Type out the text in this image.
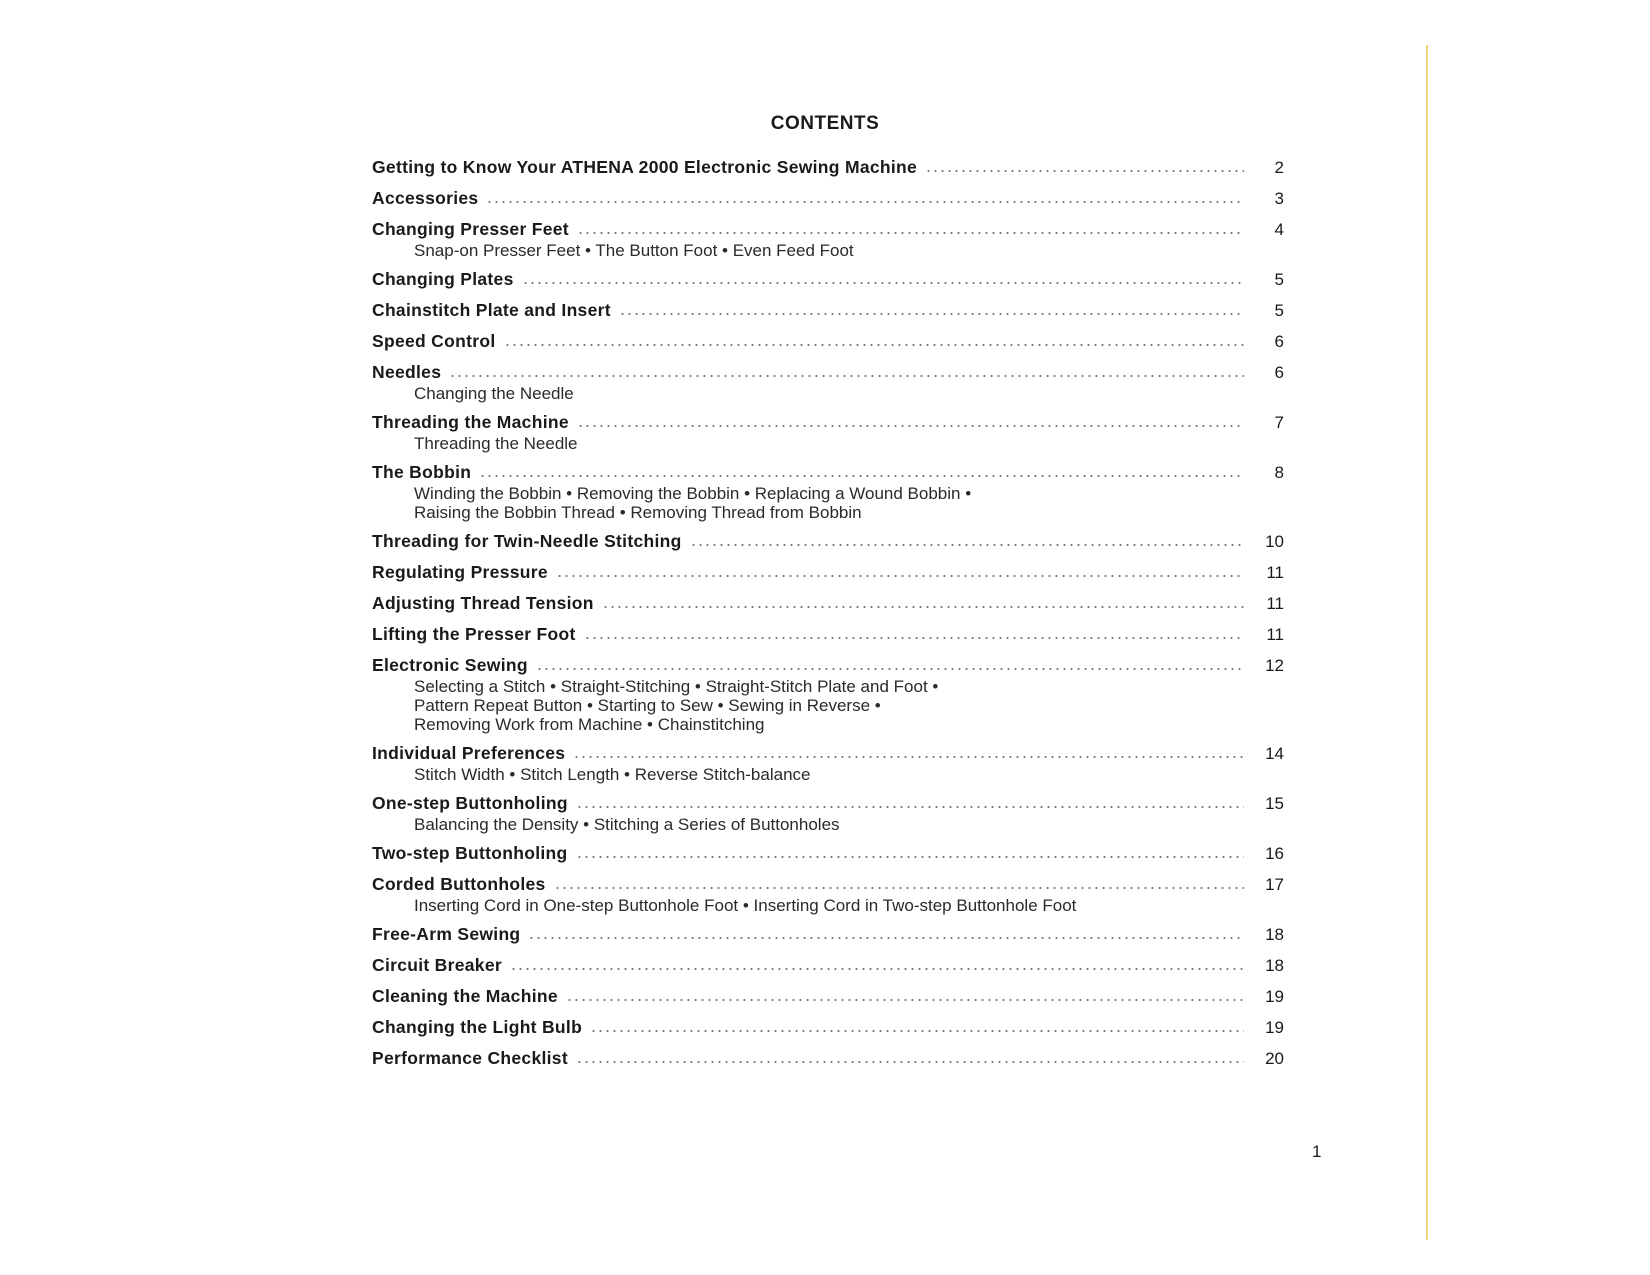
CONTENTS
Getting to Know Your ATHENA 2000 Electronic Sewing Machine	2
Accessories	3
Changing Presser Feet	4
Snap-on Presser Feet • The Button Foot • Even Feed Foot
Changing Plates	5
Chainstitch Plate and Insert	5
Speed Control	6
Needles	6
Changing the Needle
Threading the Machine	7
Threading the Needle
The Bobbin	8
Winding the Bobbin • Removing the Bobbin • Replacing a Wound Bobbin •
Raising the Bobbin Thread • Removing Thread from Bobbin
Threading for Twin-Needle Stitching	10
Regulating Pressure	11
Adjusting Thread Tension	11
Lifting the Presser Foot	11
Electronic Sewing	12
Selecting a Stitch • Straight-Stitching • Straight-Stitch Plate and Foot •
Pattern Repeat Button • Starting to Sew • Sewing in Reverse •
Removing Work from Machine • Chainstitching
Individual Preferences	14
Stitch Width • Stitch Length • Reverse Stitch-balance
One-step Buttonholing	15
Balancing the Density • Stitching a Series of Buttonholes
Two-step Buttonholing	16
Corded Buttonholes	17
Inserting Cord in One-step Buttonhole Foot • Inserting Cord in Two-step Buttonhole Foot
Free-Arm Sewing	18
Circuit Breaker	18
Cleaning the Machine	19
Changing the Light Bulb	19
Performance Checklist	20
1
